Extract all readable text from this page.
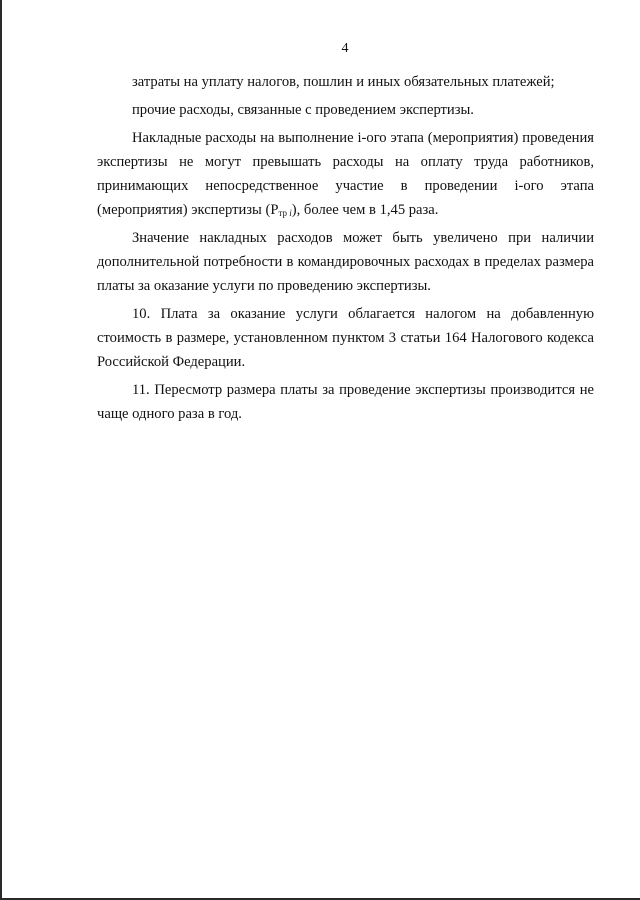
4

затраты на уплату налогов, пошлин и иных обязательных платежей;

прочие расходы, связанные с проведением экспертизы.

Накладные расходы на выполнение i-ого этапа (мероприятия) проведения экспертизы не могут превышать расходы на оплату труда работников, принимающих непосредственное участие в проведении i-ого этапа (мероприятия) экспертизы $(Р_{тр i})$, более чем в 1,45 раза.

Значение накладных расходов может быть увеличено при наличии дополнительной потребности в командировочных расходах в пределах размера платы за оказание услуги по проведению экспертизы.

10. Плата за оказание услуги облагается налогом на добавленную стоимость в размере, установленном пунктом 3 статьи 164 Налогового кодекса Российской Федерации.

11. Пересмотр размера платы за проведение экспертизы производится не чаще одного раза в год.
